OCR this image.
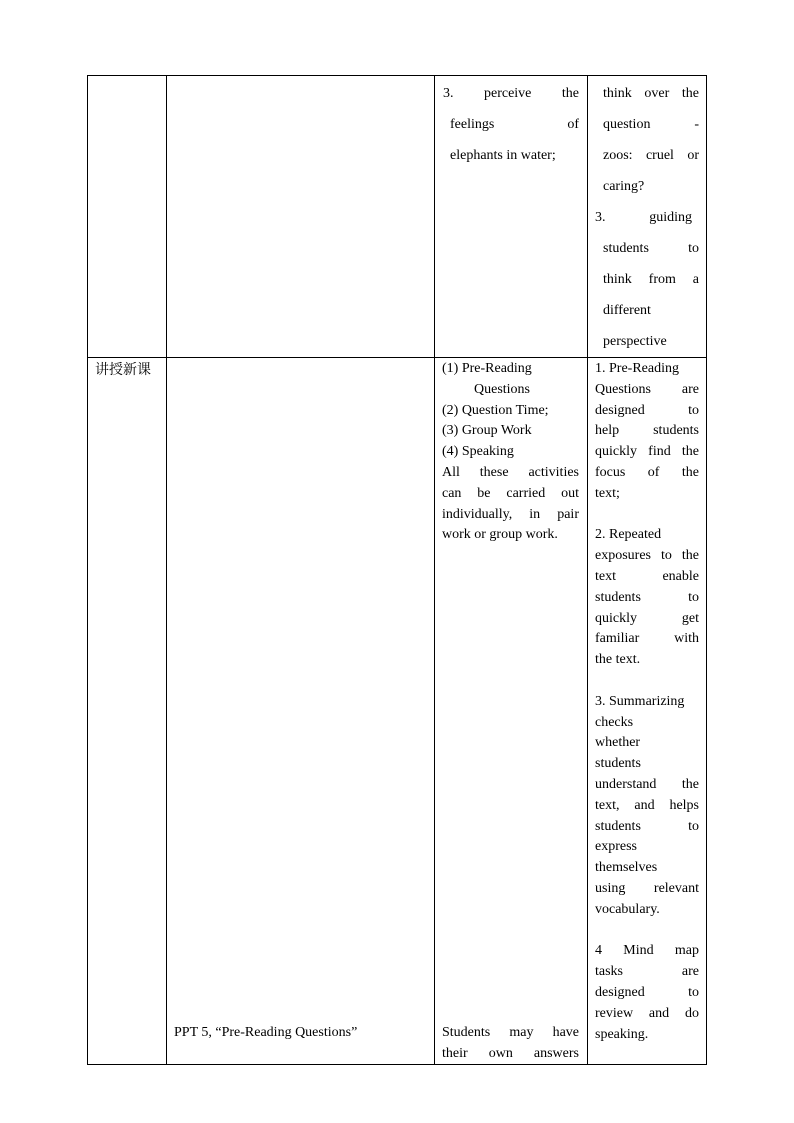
3. perceive the
feelings of
elephants in water;
think over the
question -
zoos: cruel or
caring?
3. guiding
students to
think from a
different
perspective
讲授新课
PPT 5, “Pre-Reading Questions”
(1) Pre-Reading
Questions
(2) Question Time;
(3) Group Work
(4) Speaking
All these activities
can be carried out
individually, in pair
work or group work.
Students may have
their own answers
1. Pre-Reading
Questions are
designed to
help students
quickly find the
focus of the
text;
2. Repeated
exposures to the
text enable
students to
quickly get
familiar with
the text.
3. Summarizing
checks
whether
students
understand the
text, and helps
students to
express
themselves
using relevant
vocabulary.
4 Mind map
tasks are
designed to
review and do
speaking.
